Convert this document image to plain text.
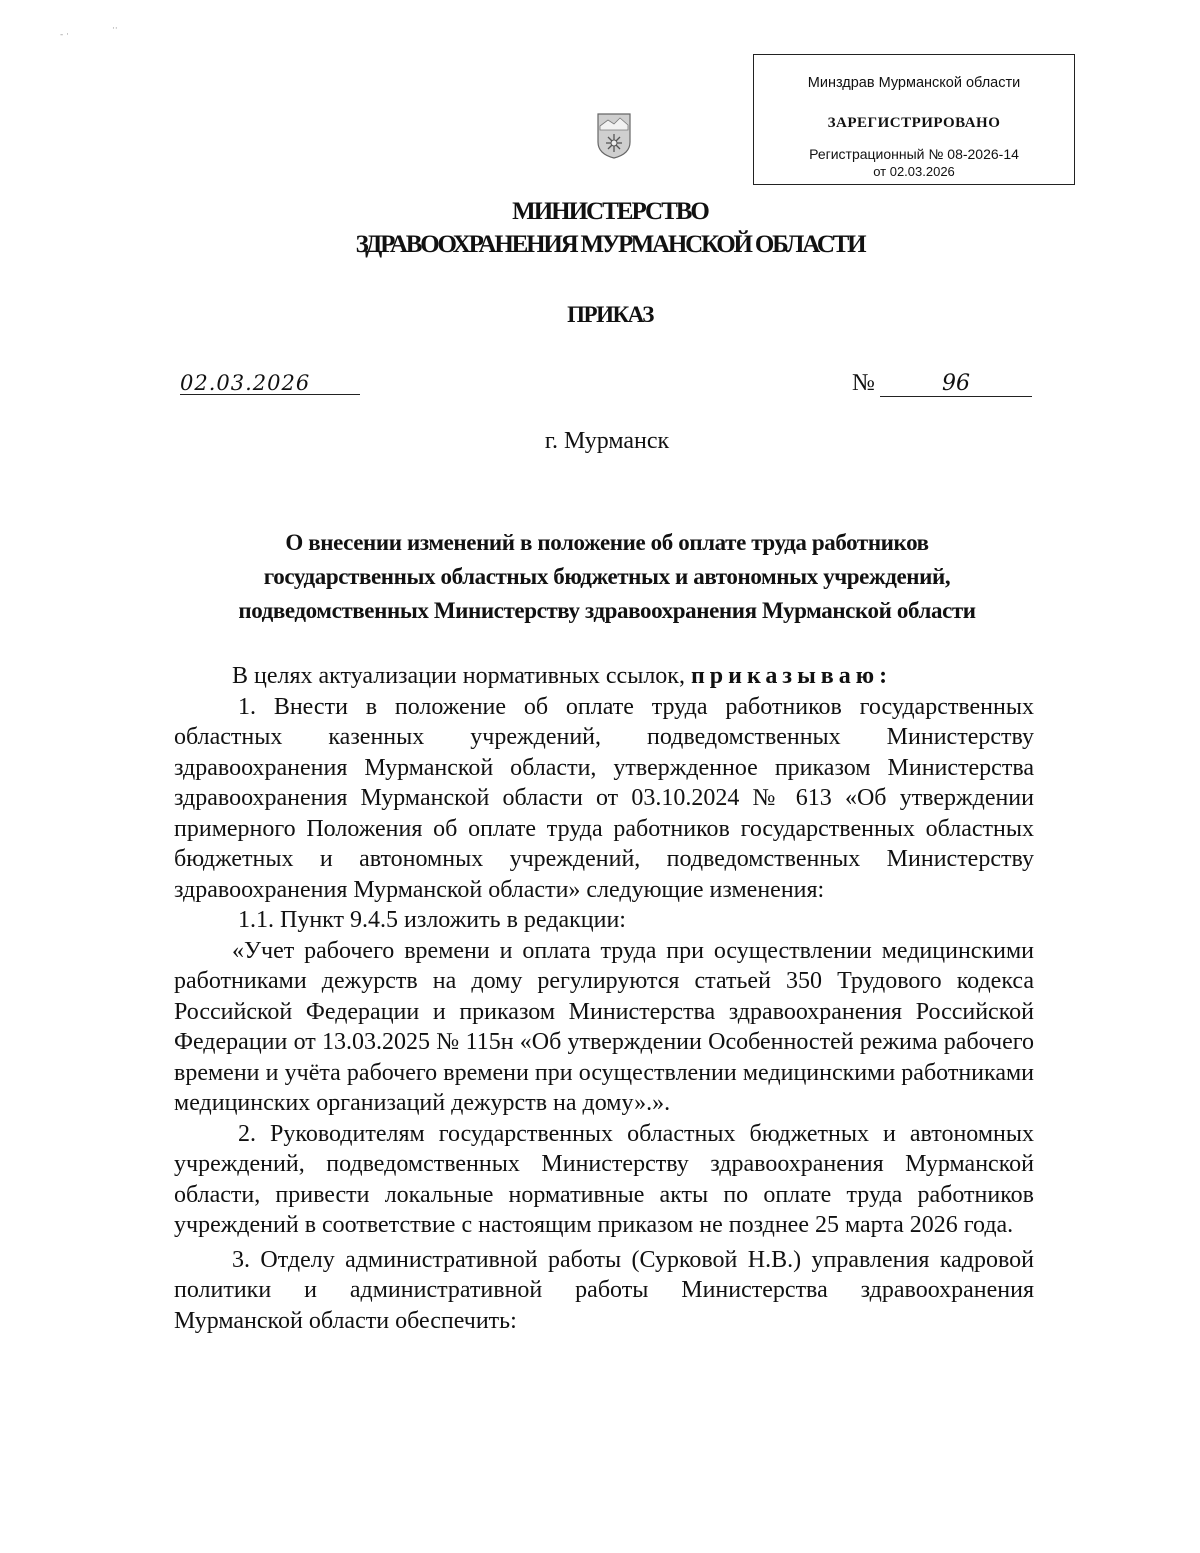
‐ ·
··
Минздрав Мурманской области
ЗАРЕГИСТРИРОВАНО
Регистрационный № 08-2026-14
от 02.03.2026
МИНИСТЕРСТВО
ЗДРАВООХРАНЕНИЯ МУРМАНСКОЙ ОБЛАСТИ
ПРИКАЗ
02.03.2026	№	96
г. Мурманск
О внесении изменений в положение об оплате труда работников
государственных областных бюджетных и автономных учреждений,
подведомственных Министерству здравоохранения Мурманской области

В целях актуализации нормативных ссылок, приказываю:

1. Внести в положение об оплате труда работников государственных областных казенных учреждений, подведомственных Министерству здравоохранения Мурманской области, утвержденное приказом Министерства здравоохранения Мурманской области от 03.10.2024 № 613 «Об утверждении примерного Положения об оплате труда работников государственных областных бюджетных и автономных учреждений, подведомственных Министерству здравоохранения Мурманской области» следующие изменения:

1.1. Пункт 9.4.5 изложить в редакции:

«Учет рабочего времени и оплата труда при осуществлении медицинскими работниками дежурств на дому регулируются статьей 350 Трудового кодекса Российской Федерации и приказом Министерства здравоохранения Российской Федерации от 13.03.2025 № 115н «Об утверждении Особенностей режима рабочего времени и учёта рабочего времени при осуществлении медицинскими работниками медицинских организаций дежурств на дому».».

2. Руководителям государственных областных бюджетных и автономных учреждений, подведомственных Министерству здравоохранения Мурманской области, привести локальные нормативные акты по оплате труда работников учреждений в соответствие с настоящим приказом не позднее 25 марта 2026 года.

3. Отделу административной работы (Сурковой Н.В.) управления кадровой политики и административной работы Министерства здравоохранения Мурманской области обеспечить:
